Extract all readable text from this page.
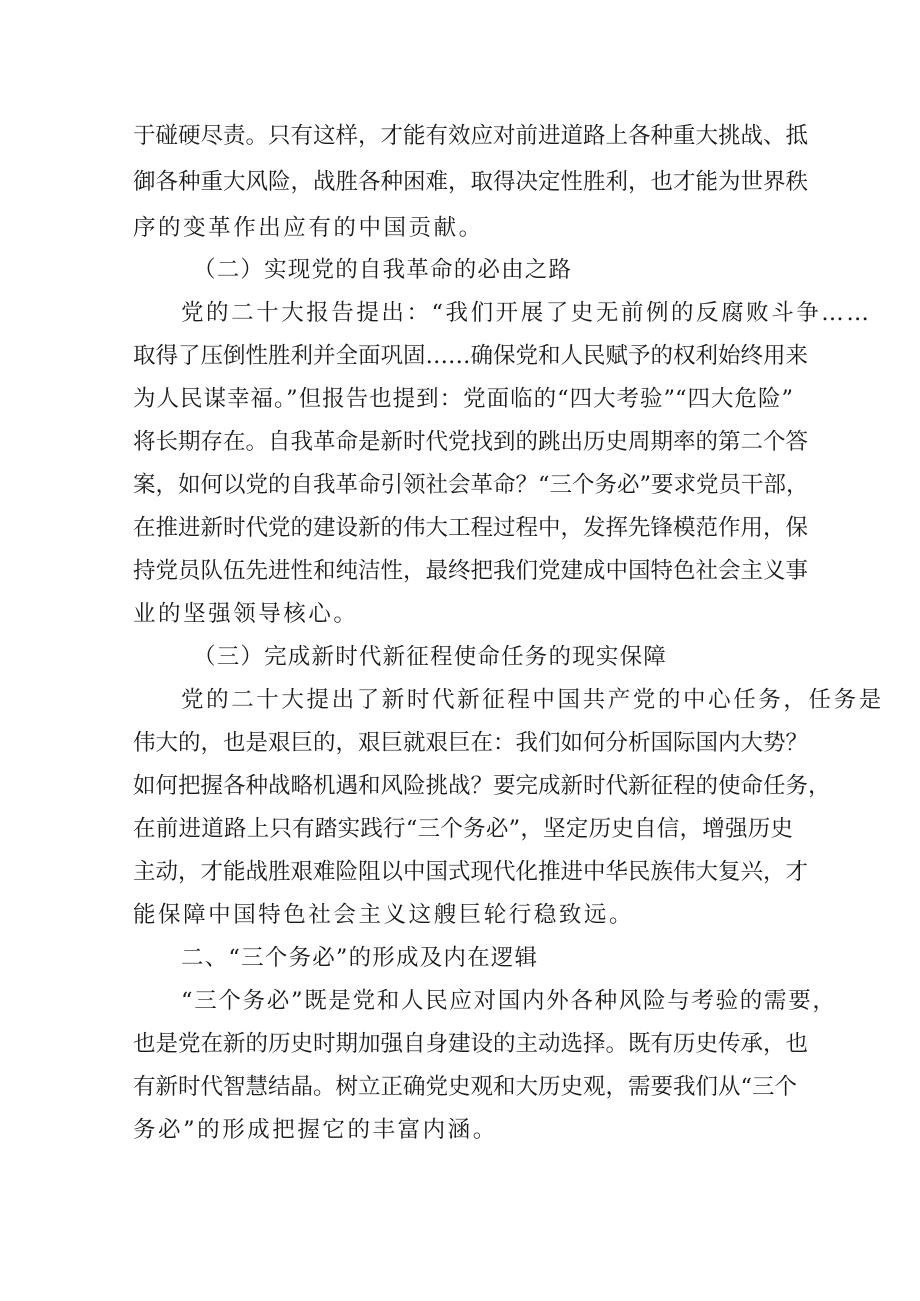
于碰硬尽责。只有这样，才能有效应对前进道路上各种重大挑战、抵
御各种重大风险，战胜各种困难，取得决定性胜利，也才能为世界秩
序的变革作出应有的中国贡献。
（二）实现党的自我革命的必由之路
党的二十大报告提出：“我们开展了史无前例的反腐败斗争……
取得了压倒性胜利并全面巩固……确保党和人民赋予的权利始终用来
为人民谋幸福。”但报告也提到：党面临的“四大考验”“四大危险”
将长期存在。自我革命是新时代党找到的跳出历史周期率的第二个答
案，如何以党的自我革命引领社会革命？“三个务必”要求党员干部，
在推进新时代党的建设新的伟大工程过程中，发挥先锋模范作用，保
持党员队伍先进性和纯洁性，最终把我们党建成中国特色社会主义事
业的坚强领导核心。
（三）完成新时代新征程使命任务的现实保障
党的二十大提出了新时代新征程中国共产党的中心任务，任务是
伟大的，也是艰巨的，艰巨就艰巨在：我们如何分析国际国内大势？
如何把握各种战略机遇和风险挑战？要完成新时代新征程的使命任务，
在前进道路上只有踏实践行“三个务必”，坚定历史自信，增强历史
主动，才能战胜艰难险阻以中国式现代化推进中华民族伟大复兴，才
能保障中国特色社会主义这艘巨轮行稳致远。
二、“三个务必”的形成及内在逻辑
“三个务必”既是党和人民应对国内外各种风险与考验的需要，
也是党在新的历史时期加强自身建设的主动选择。既有历史传承，也
有新时代智慧结晶。树立正确党史观和大历史观，需要我们从“三个
务必”的形成把握它的丰富内涵。
